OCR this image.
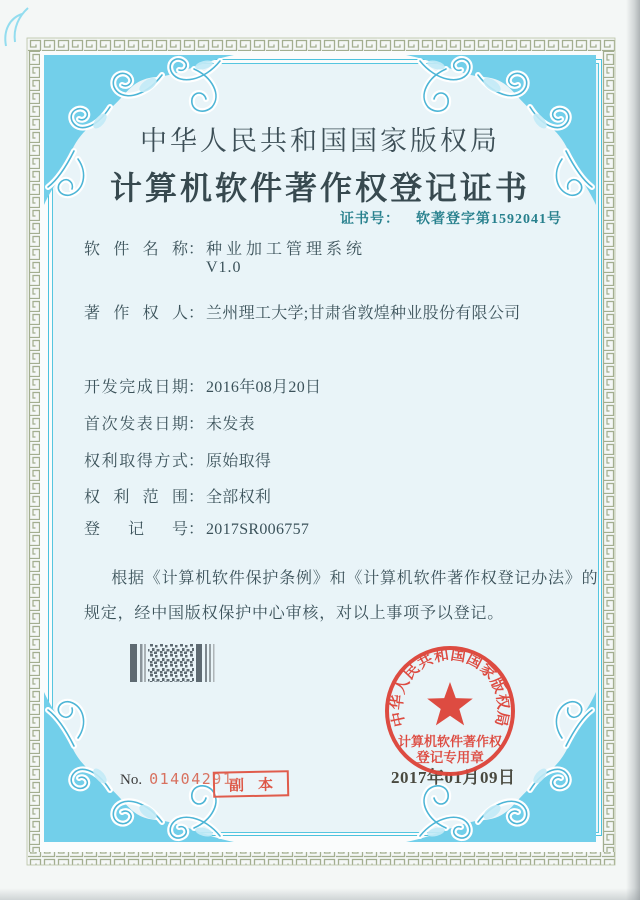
中华人民共和国国家版权局
计算机软件著作权登记证书
证书号： 软著登字第1592041号
软件名称： 种业加工管理系统
V1.0
著作权人： 兰州理工大学;甘肃省敦煌种业股份有限公司
开发完成日期： 2016年08月20日
首次发表日期： 未发表
权利取得方式： 原始取得
权利范围： 全部权利
登记号： 2017SR006757
根据《计算机软件保护条例》和《计算机软件著作权登记办法》的
规定，经中国版权保护中心审核，对以上事项予以登记。
中华人民共和国国家版权局
计算机软件著作权
登记专用章
2017年01月09日
No. 01404291
副本
